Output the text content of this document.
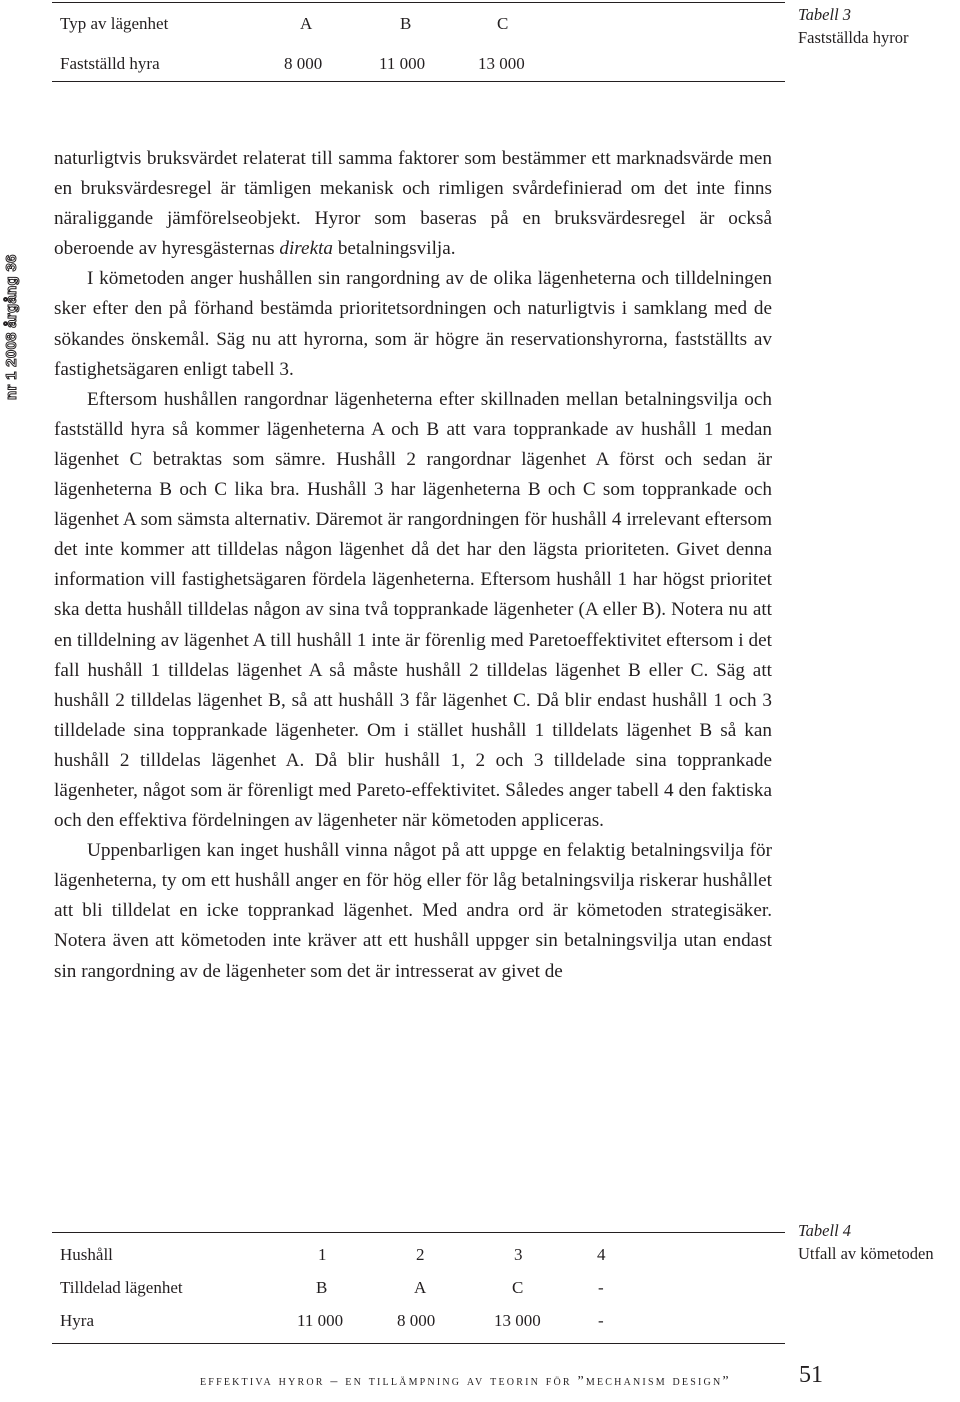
nr 1 2008 årgång 36
Typ av lägenhet	A	B	C
Fastställd hyra	8 000	11 000	13 000
Tabell 3
Fastställda hyror

naturligtvis bruksvärdet relaterat till samma faktorer som bestämmer ett marknadsvärde men en bruksvärdesregel är tämligen mekanisk och rimligen svårdefinierad om det inte finns näraliggande jämförelseobjekt. Hyror som baseras på en bruksvärdesregel är också oberoende av hyresgästernas direkta betalningsvilja.

I kömetoden anger hushållen sin rangordning av de olika lägenheterna och tilldelningen sker efter den på förhand bestämda prioritetsordningen och naturligtvis i samklang med de sökandes önskemål. Säg nu att hyrorna, som är högre än reservationshyrorna, fastställts av fastighetsägaren enligt tabell 3.

Eftersom hushållen rangordnar lägenheterna efter skillnaden mellan betalningsvilja och fastställd hyra så kommer lägenheterna A och B att vara topprankade av hushåll 1 medan lägenhet C betraktas som sämre. Hushåll 2 rangordnar lägenhet A först och sedan är lägenheterna B och C lika bra. Hushåll 3 har lägenheterna B och C som topprankade och lägenhet A som sämsta alternativ. Däremot är rangordningen för hushåll 4 irrelevant eftersom det inte kommer att tilldelas någon lägenhet då det har den lägsta prioriteten. Givet denna information vill fastighetsägaren fördela lägenheterna. Eftersom hushåll 1 har högst prioritet ska detta hushåll tilldelas någon av sina två topprankade lägenheter (A eller B). Notera nu att en tilldelning av lägenhet A till hushåll 1 inte är förenlig med Paretoeffektivitet eftersom i det fall hushåll 1 tilldelas lägenhet A så måste hushåll 2 tilldelas lägenhet B eller C. Säg att hushåll 2 tilldelas lägenhet B, så att hushåll 3 får lägenhet C. Då blir endast hushåll 1 och 3 tilldelade sina topprankade lägenheter. Om i stället hushåll 1 tilldelats lägenhet B så kan hushåll 2 tilldelas lägenhet A. Då blir hushåll 1, 2 och 3 tilldelade sina topprankade lägenheter, något som är förenligt med Pareto-effektivitet. Således anger tabell 4 den faktiska och den effektiva fördelningen av lägenheter när kömetoden appliceras.

Uppenbarligen kan inget hushåll vinna något på att uppge en felaktig betalningsvilja för lägenheterna, ty om ett hushåll anger en för hög eller för låg betalningsvilja riskerar hushållet att bli tilldelat en icke topprankad lägenhet. Med andra ord är kömetoden strategisäker. Notera även att kömetoden inte kräver att ett hushåll uppger sin betalningsvilja utan endast sin rangordning av de lägenheter som det är intresserat av givet de

Hushåll	1	2	3	4
Tilldelad lägenhet	B	A	C	-
Hyra	11 000	8 000	13 000	-
Tabell 4
Utfall av kömetoden
effektiva hyror – en tillämpning av teorin för ”mechanism design”	51
